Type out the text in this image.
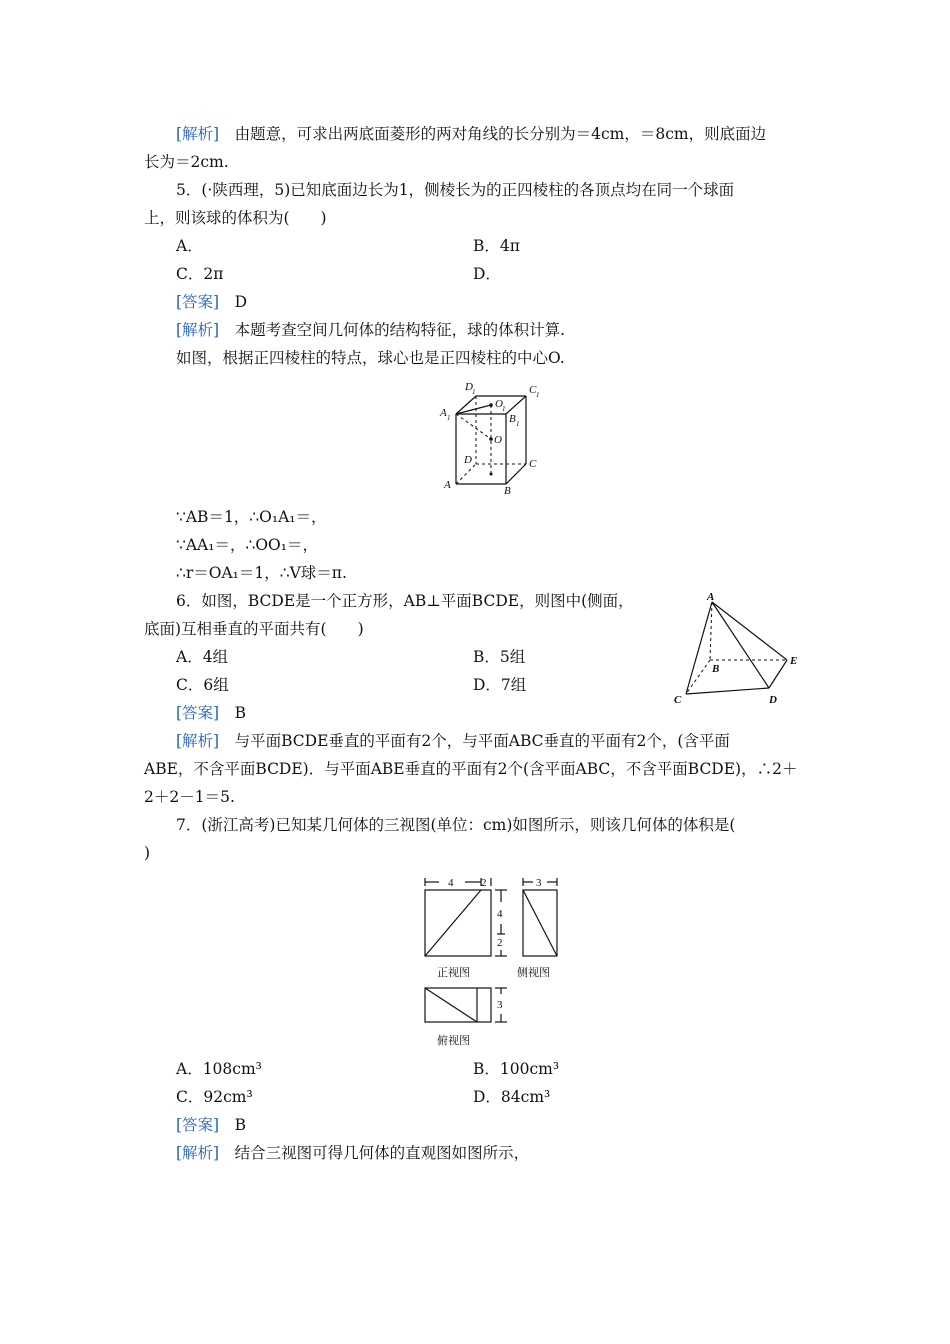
[解析]　 由题意，可求出两底面菱形的两对角线的长分别为＝4cm，＝8cm，则底面边
长为＝2cm.
5．(·陕西理，5)已知底面边长为1，侧棱长为的正四棱柱的各顶点均在同一个球面
上，则该球的体积为(　　)
A．	B．4π
C．2π	D．
[答案]　 D
[解析]　 本题考查空间几何体的结构特征，球的体积计算.
如图，根据正四棱柱的特点，球心也是正四棱柱的中心O.
D 1	C 1
A 1	B 1
O 1
O
D	C
A	B
∵AB＝1，∴O₁A₁＝，
∵AA₁＝，∴OO₁＝，
∴r＝OA₁＝1，∴V球＝π.
6．如图，BCDE是一个正方形，AB⊥平面BCDE，则图中(侧面，
底面)互相垂直的平面共有(　　)
A．4组	B．5组
C．6组	D．7组
[答案]　 B
A
B
C	D
E
[解析]　 与平面BCDE垂直的平面有2个，与平面ABC垂直的平面有2个，(含平面
ABE，不含平面BCDE)．与平面ABE垂直的平面有2个(含平面ABC，不含平面BCDE)，∴2＋
2＋2－1＝5.
7．(浙江高考)已知某几何体的三视图(单位：cm)如图所示，则该几何体的体积是(
)
4	2
4
2
3
3
正视图	侧视图
俯视图
A．108cm³	B．100cm³
C．92cm³	D．84cm³
[答案]　 B
[解析]　 结合三视图可得几何体的直观图如图所示，
